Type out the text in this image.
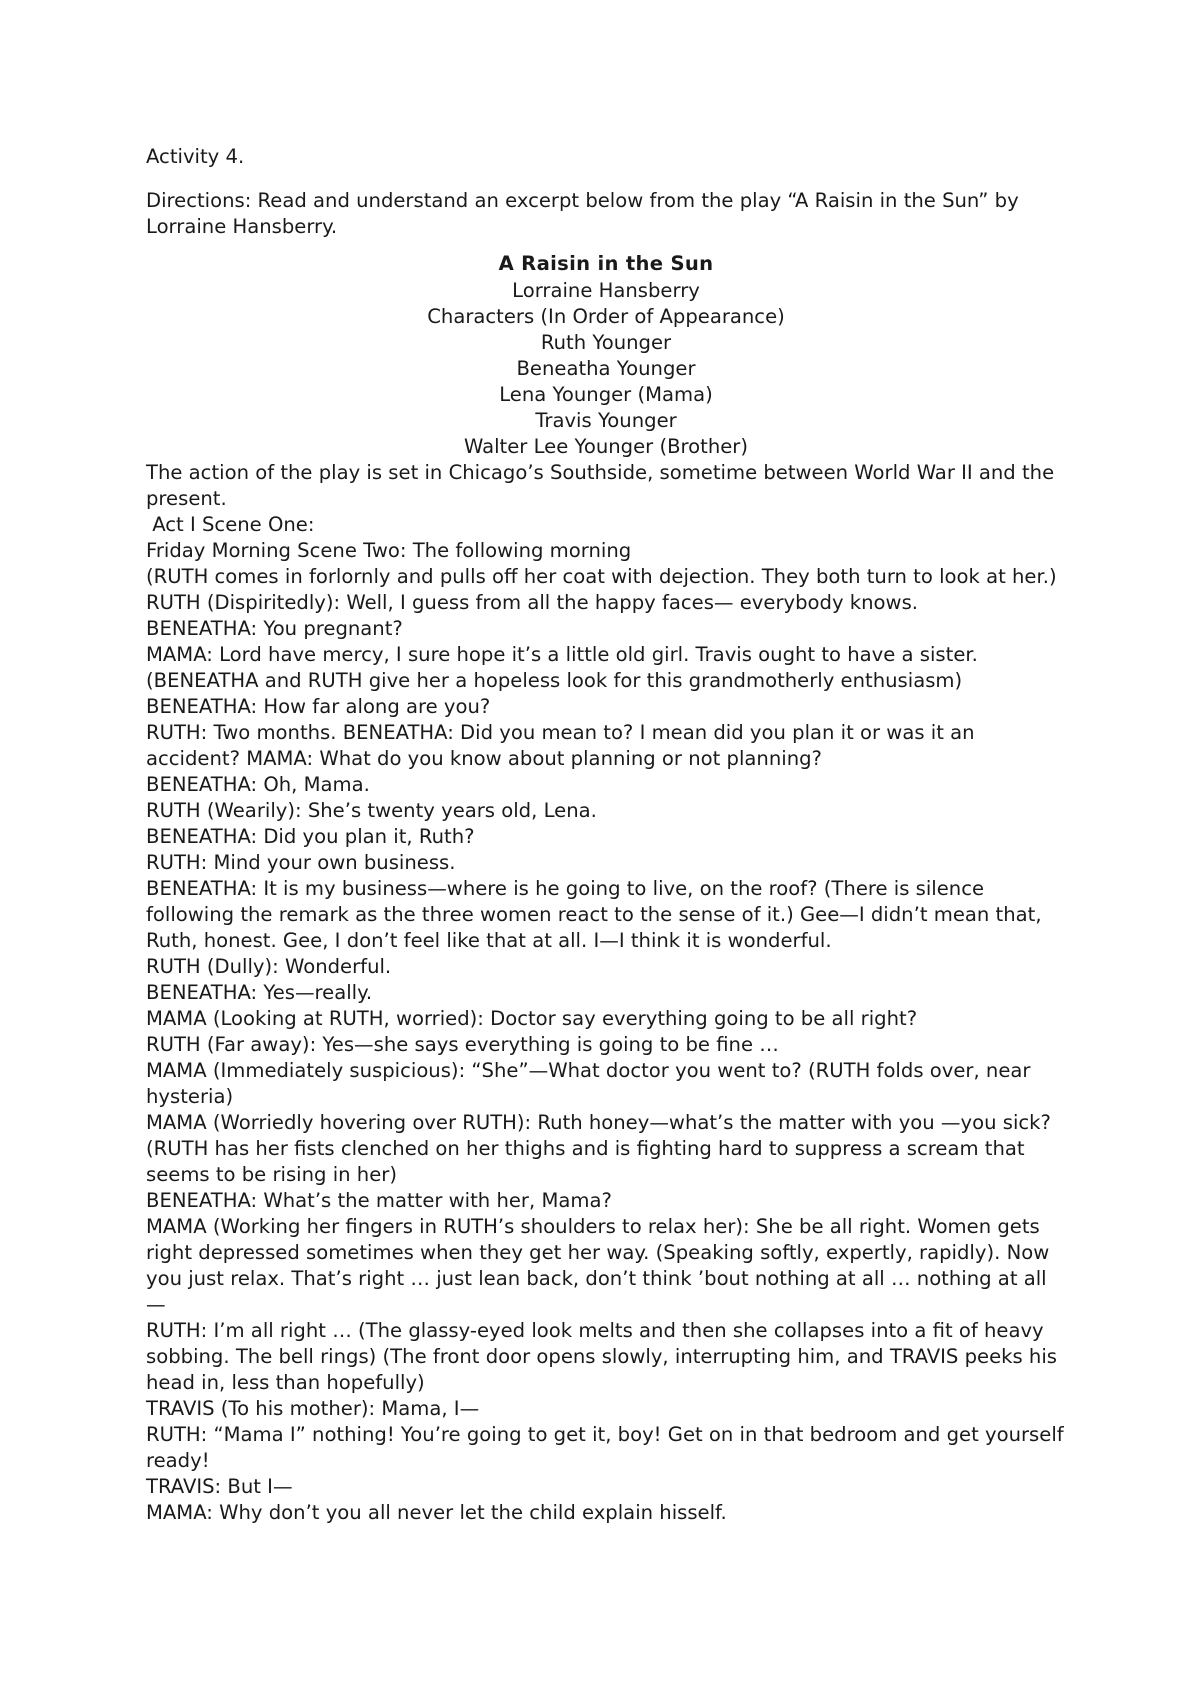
Activity 4.

Directions: Read and understand an excerpt below from the play “A Raisin in the Sun” by Lorraine Hansberry.

A Raisin in the Sun
Lorraine Hansberry
Characters (In Order of Appearance)
Ruth Younger
Beneatha Younger
Lena Younger (Mama)
Travis Younger
Walter Lee Younger (Brother)

The action of the play is set in Chicago’s Southside, sometime between World War II and the present.

Act I Scene One:

Friday Morning Scene Two: The following morning

(RUTH comes in forlornly and pulls off her coat with dejection. They both turn to look at her.) RUTH (Dispiritedly): Well, I guess from all the happy faces— everybody knows.

BENEATHA: You pregnant?

MAMA: Lord have mercy, I sure hope it’s a little old girl. Travis ought to have a sister. (BENEATHA and RUTH give her a hopeless look for this grandmotherly enthusiasm)

BENEATHA: How far along are you?

RUTH: Two months. BENEATHA: Did you mean to? I mean did you plan it or was it an accident? MAMA: What do you know about planning or not planning?

BENEATHA: Oh, Mama.

RUTH (Wearily): She’s twenty years old, Lena.

BENEATHA: Did you plan it, Ruth?

RUTH: Mind your own business.

BENEATHA: It is my business—where is he going to live, on the roof? (There is silence following the remark as the three women react to the sense of it.) Gee—I didn’t mean that, Ruth, honest. Gee, I don’t feel like that at all. I—I think it is wonderful.

RUTH (Dully): Wonderful.

BENEATHA: Yes—really.

MAMA (Looking at RUTH, worried): Doctor say everything going to be all right?

RUTH (Far away): Yes—she says everything is going to be fine …

MAMA (Immediately suspicious): “She”—What doctor you went to? (RUTH folds over, near hysteria)

MAMA (Worriedly hovering over RUTH): Ruth honey—what’s the matter with you —you sick? (RUTH has her fists clenched on her thighs and is fighting hard to suppress a scream that seems to be rising in her)

BENEATHA: What’s the matter with her, Mama?

MAMA (Working her fingers in RUTH’s shoulders to relax her): She be all right. Women gets right depressed sometimes when they get her way. (Speaking softly, expertly, rapidly). Now you just relax. That’s right … just lean back, don’t think ’bout nothing at all … nothing at all —

RUTH: I’m all right … (The glassy-eyed look melts and then she collapses into a fit of heavy sobbing. The bell rings) (The front door opens slowly, interrupting him, and TRAVIS peeks his head in, less than hopefully)

TRAVIS (To his mother): Mama, I—

RUTH: “Mama I” nothing! You’re going to get it, boy! Get on in that bedroom and get yourself ready!

TRAVIS: But I—

MAMA: Why don’t you all never let the child explain hisself.
